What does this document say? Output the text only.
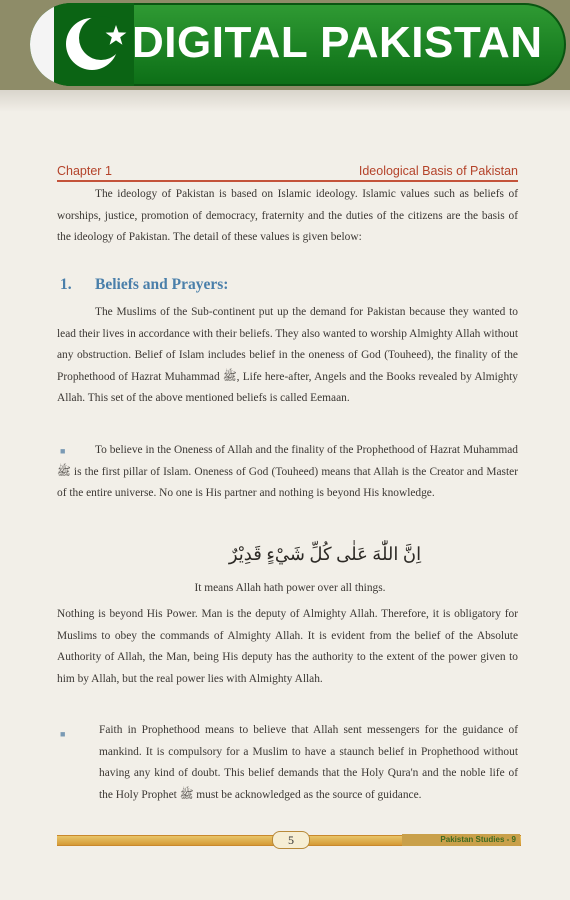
DIGITAL PAKISTAN
Chapter 1	Ideological Basis of Pakistan
The ideology of Pakistan is based on Islamic ideology. Islamic values such as beliefs of worships, justice, promotion of democracy, fraternity and the duties of the citizens are the basis of the ideology of Pakistan. The detail of these values is given below:
1. Beliefs and Prayers:
The Muslims of the Sub-continent put up the demand for Pakistan because they wanted to lead their lives in accordance with their beliefs. They also wanted to worship Almighty Allah without any obstruction. Belief of Islam includes belief in the oneness of God (Touheed), the finality of the Prophethood of Hazrat Muhammad ﷺ, Life here-after, Angels and the Books revealed by Almighty Allah. This set of the above mentioned beliefs is called Eemaan.
■	To believe in the Oneness of Allah and the finality of the Prophethood of Hazrat Muhammad ﷺ is the first pillar of Islam. Oneness of God (Touheed) means that Allah is the Creator and Master of the entire universe. No one is His partner and nothing is beyond His knowledge.
اِنَّ اللّٰهَ عَلٰى كُلِّ شَيْءٍ قَدِيْرٌ
It means Allah hath power over all things.
Nothing is beyond His Power. Man is the deputy of Almighty Allah. Therefore, it is obligatory for Muslims to obey the commands of Almighty Allah. It is evident from the belief of the Absolute Authority of Allah, the Man, being His deputy has the authority to the extent of the power given to him by Allah, but the real power lies with Almighty Allah.
■	Faith in Prophethood means to believe that Allah sent messengers for the guidance of mankind. It is compulsory for a Muslim to have a staunch belief in Prophethood without having any kind of doubt. This belief demands that the Holy Qura'n and the noble life of the Holy Prophet ﷺ must be acknowledged as the source of guidance.
5	Pakistan Studies - 9
